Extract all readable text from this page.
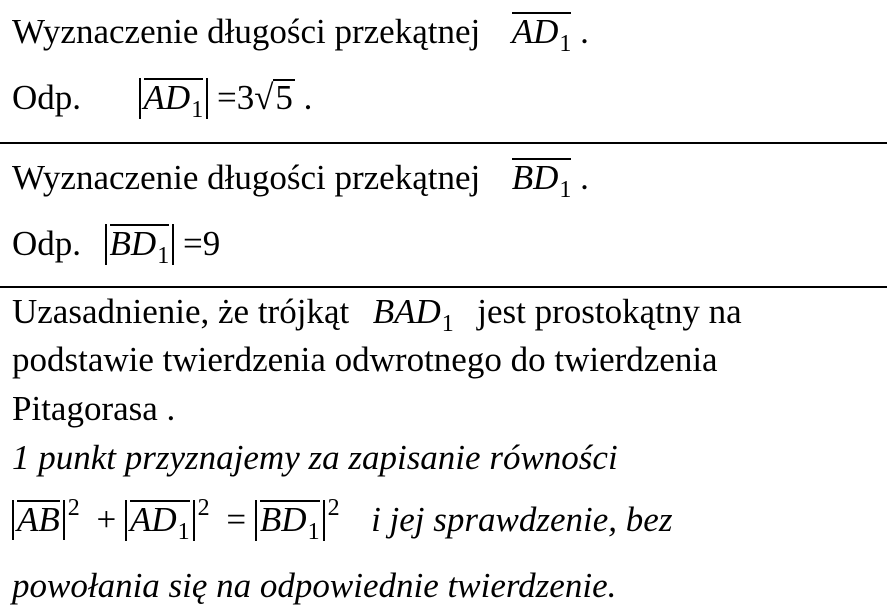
Wyznaczenie długości przekątnej $AD_1$ .
Odp. $AD_1 =3√5$ .
Wyznaczenie długości przekątnej $BD_1$ .
Odp. $BD_1 =9$
Uzasadnienie, że trójkąt $BAD_1$ jest prostokątny na
podstawie twierdzenia odwrotnego do twierdzenia
Pitagorasa .
1 punkt przyznajemy za zapisanie równości
AB $^2 + AD_1^2 = BD_1^2$ i jej sprawdzenie, bez
powołania się na odpowiednie twierdzenie.
